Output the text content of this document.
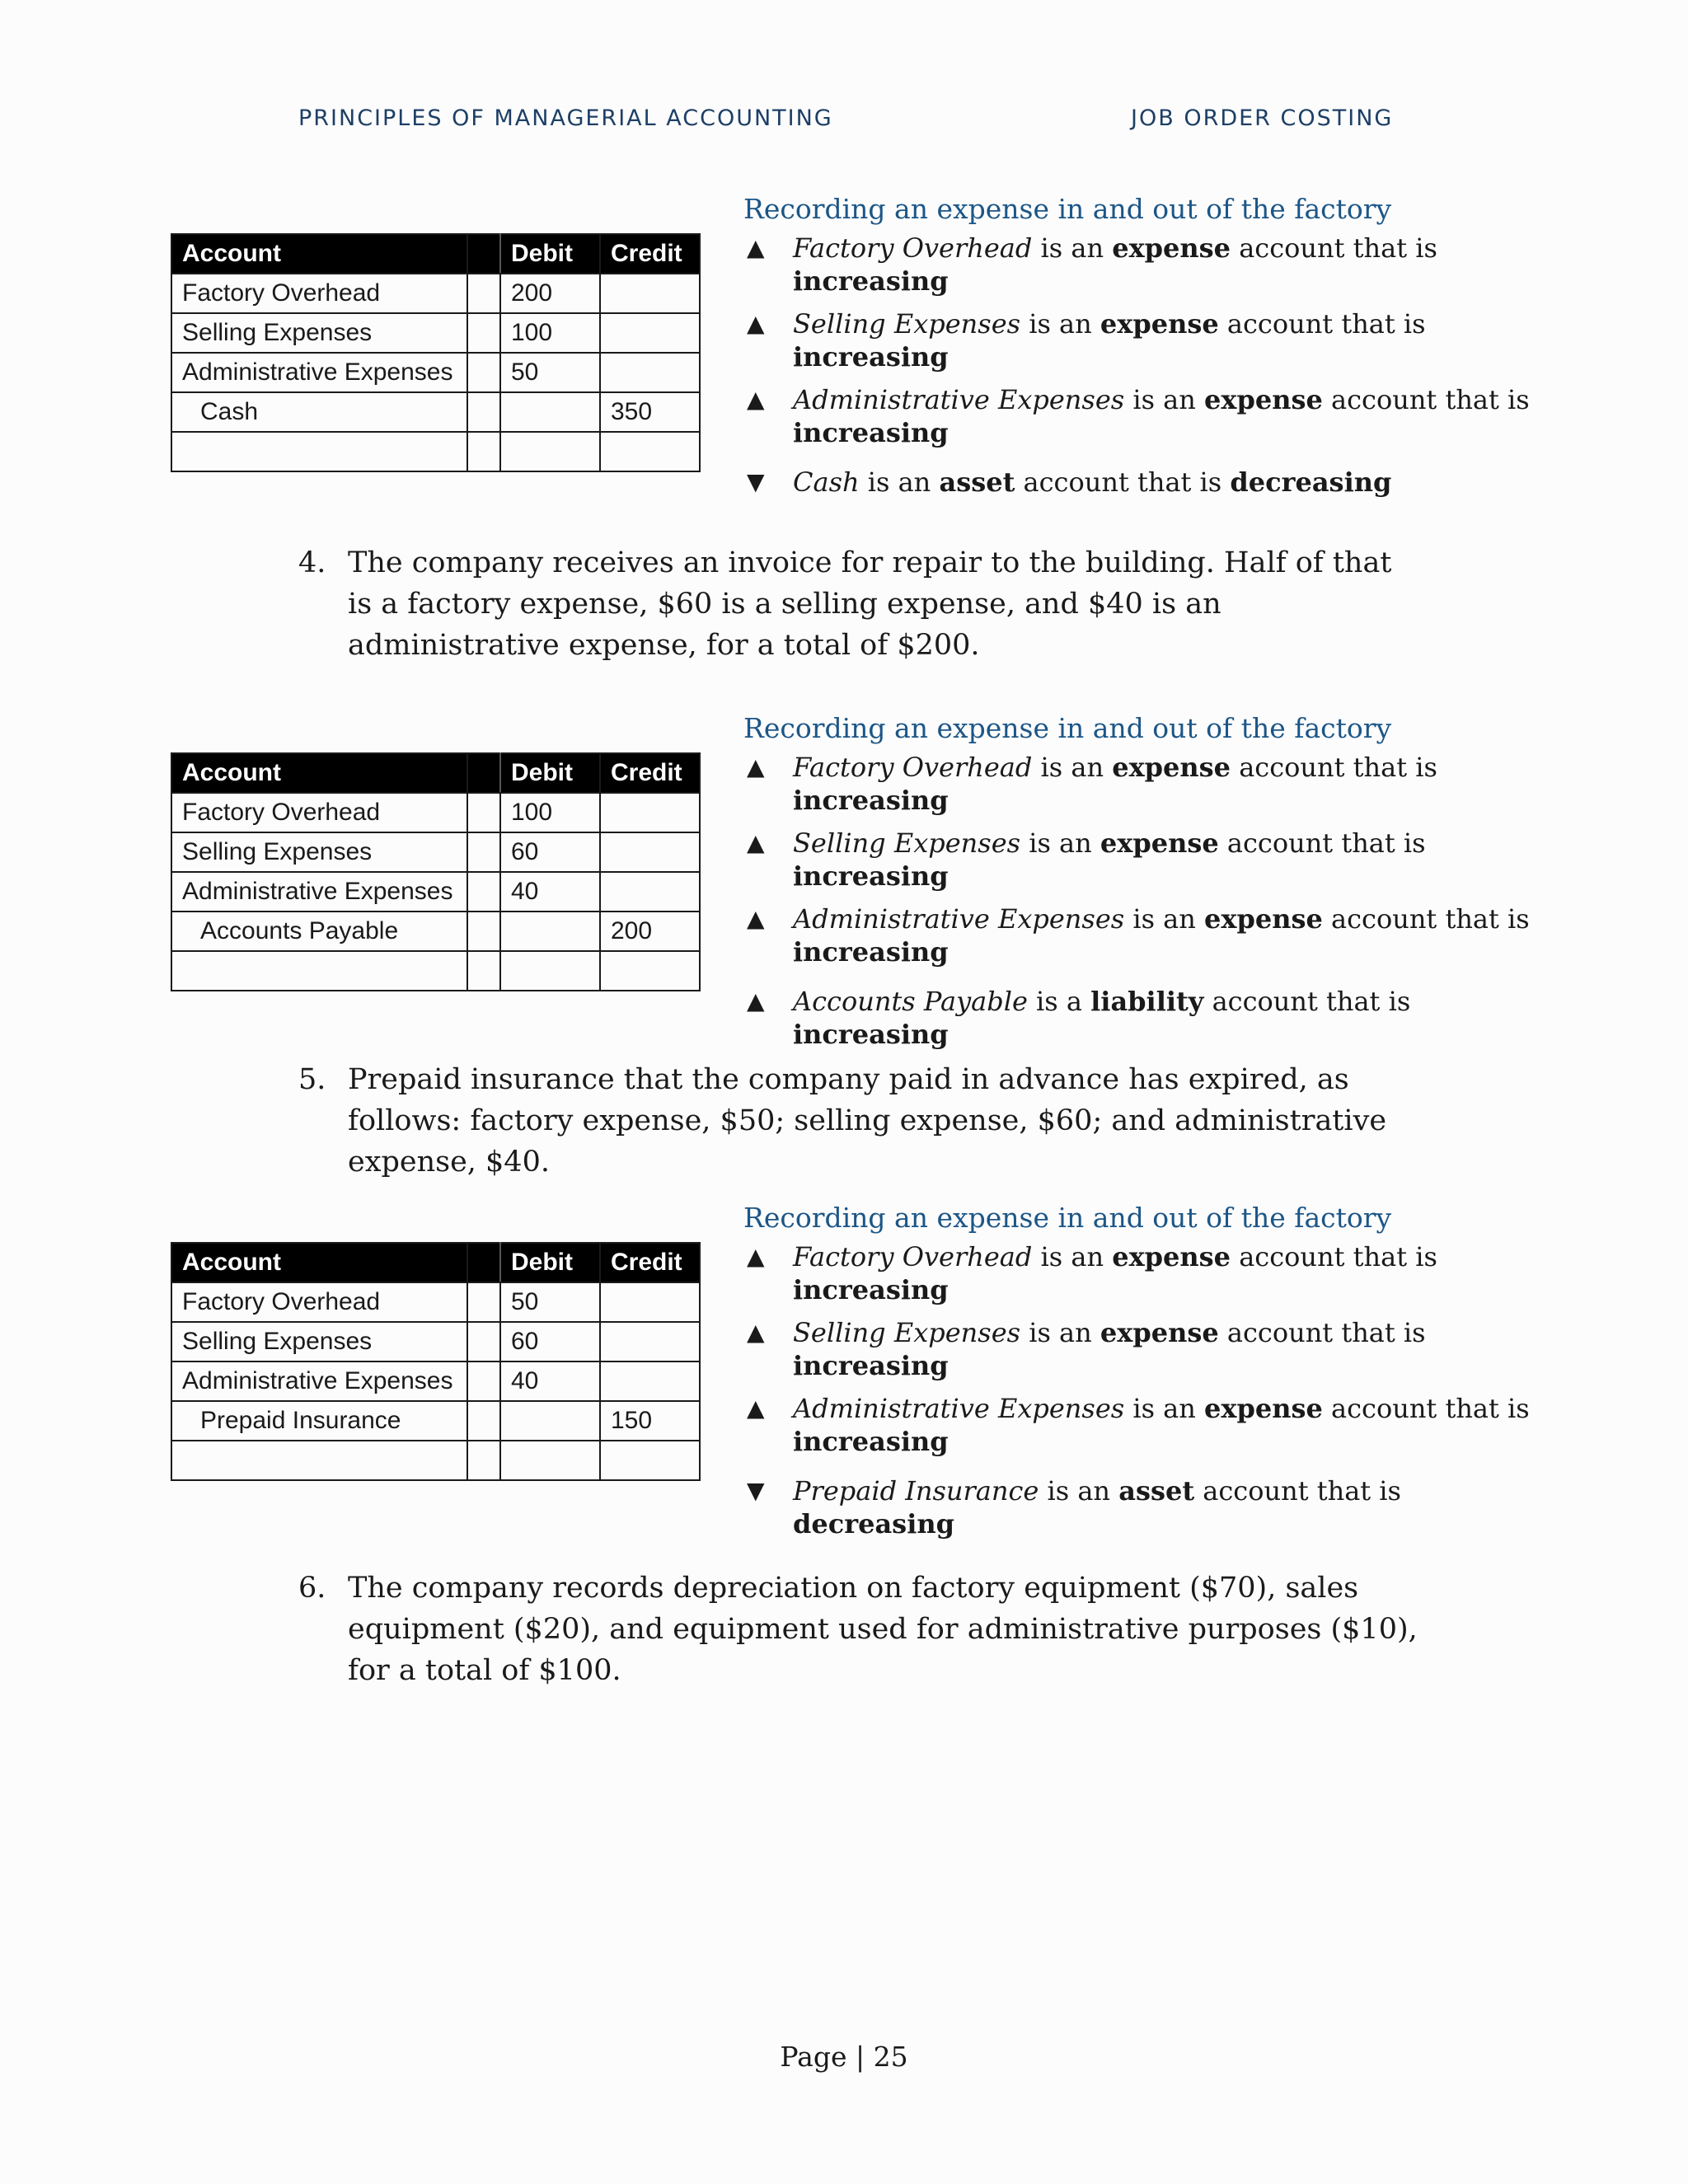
PRINCIPLES OF MANAGERIAL ACCOUNTING	JOB ORDER COSTING
Account		Debit	Credit
Factory Overhead		200	
Selling Expenses		100	
Administrative Expenses		50	
Cash			350

Recording an expense in and out of the factory
▲ Factory Overhead is an expense account that is increasing
▲ Selling Expenses is an expense account that is increasing
▲ Administrative Expenses is an expense account that is increasing
▼ Cash is an asset account that is decreasing
4. The company receives an invoice for repair to the building. Half of that is a factory expense, $60 is a selling expense, and $40 is an administrative expense, for a total of $200.
Account		Debit	Credit
Factory Overhead		100	
Selling Expenses		60	
Administrative Expenses		40	
Accounts Payable			200

Recording an expense in and out of the factory
▲ Factory Overhead is an expense account that is increasing
▲ Selling Expenses is an expense account that is increasing
▲ Administrative Expenses is an expense account that is increasing
▲ Accounts Payable is a liability account that is increasing
5. Prepaid insurance that the company paid in advance has expired, as follows: factory expense, $50; selling expense, $60; and administrative expense, $40.
Account		Debit	Credit
Factory Overhead		50	
Selling Expenses		60	
Administrative Expenses		40	
Prepaid Insurance			150

Recording an expense in and out of the factory
▲ Factory Overhead is an expense account that is increasing
▲ Selling Expenses is an expense account that is increasing
▲ Administrative Expenses is an expense account that is increasing
▼ Prepaid Insurance is an asset account that is decreasing
6. The company records depreciation on factory equipment ($70), sales equipment ($20), and equipment used for administrative purposes ($10), for a total of $100.
Page | 25
